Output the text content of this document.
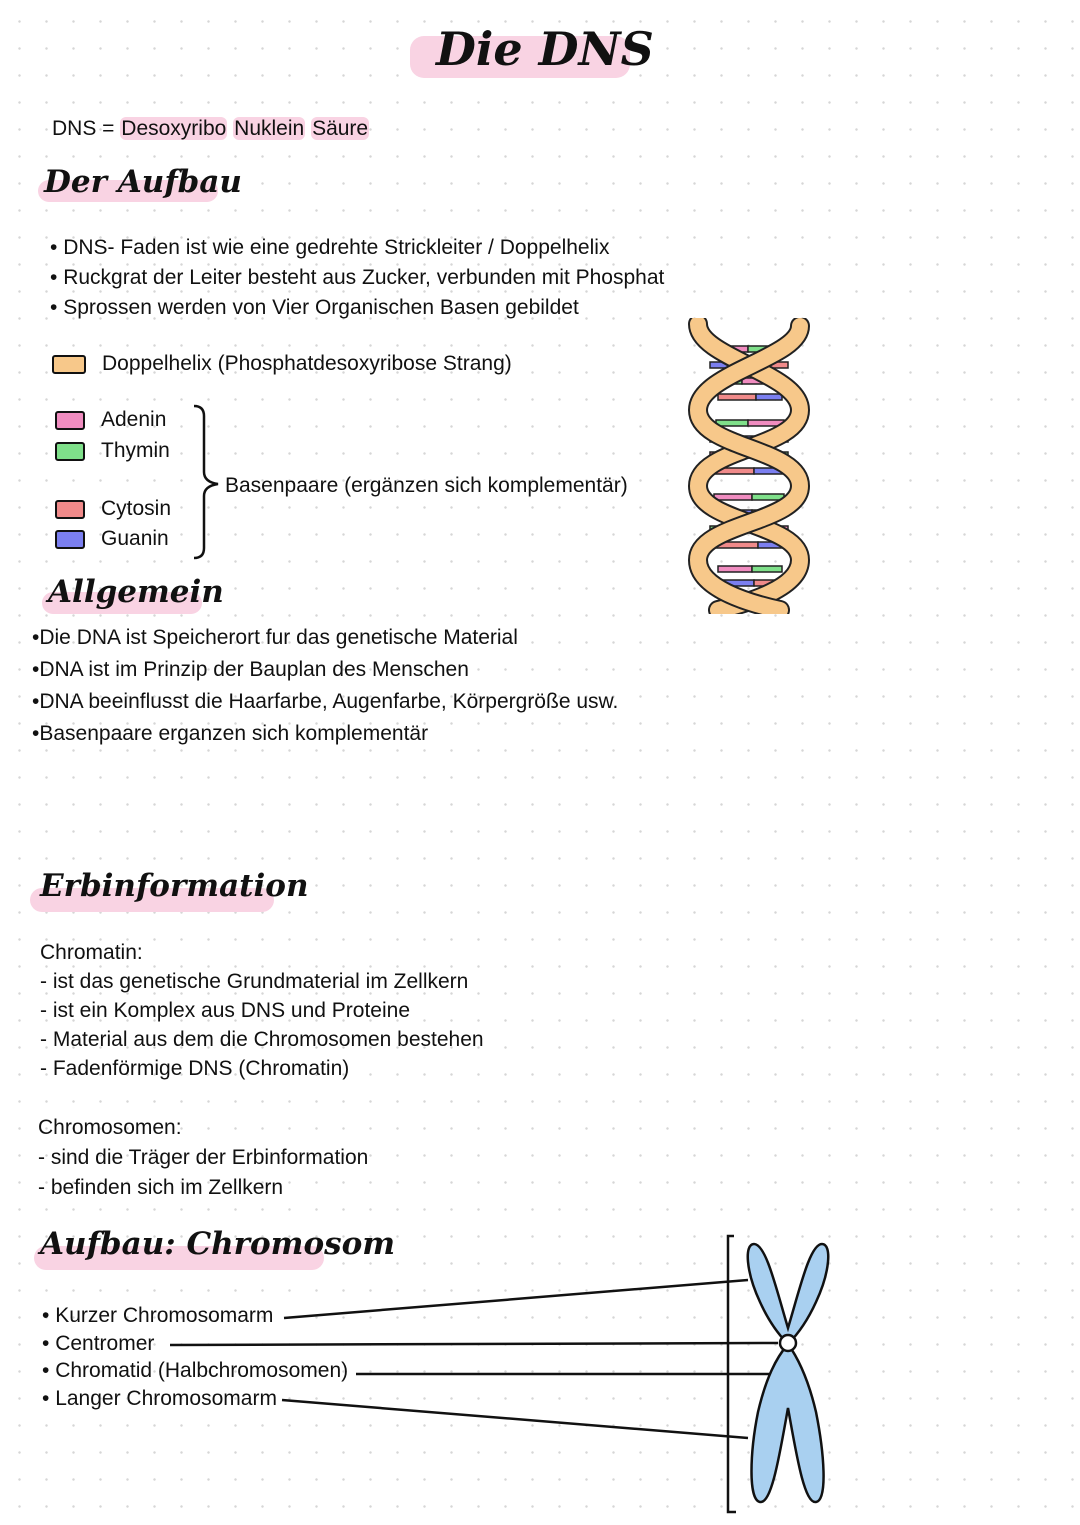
Die DNS
DNS = Desoxyribo Nuklein Säure
Der Aufbau
• DNS- Faden ist wie eine gedrehte Strickleiter / Doppelhelix
• Ruckgrat der Leiter besteht aus Zucker, verbunden mit Phosphat
• Sprossen werden von Vier Organischen Basen gebildet
Doppelhelix (Phosphatdesoxyribose Strang)
Adenin
Thymin
Cytosin
Guanin
Basenpaare (ergänzen sich komplementär)
Allgemein
•Die DNA ist Speicherort fur das genetische Material
•DNA ist im Prinzip der Bauplan des Menschen
•DNA beeinflusst die Haarfarbe, Augenfarbe, Körpergröße usw.
•Basenpaare erganzen sich komplementär
Erbinformation
Chromatin:
- ist das genetische Grundmaterial im Zellkern
- ist ein Komplex aus DNS und Proteine
- Material aus dem die Chromosomen bestehen
- Fadenförmige DNS (Chromatin)
Chromosomen:
- sind die Träger der Erbinformation
- befinden sich im Zellkern
Aufbau: Chromosom
• Kurzer Chromosomarm
• Centromer
• Chromatid (Halbchromosomen)
• Langer Chromosomarm
